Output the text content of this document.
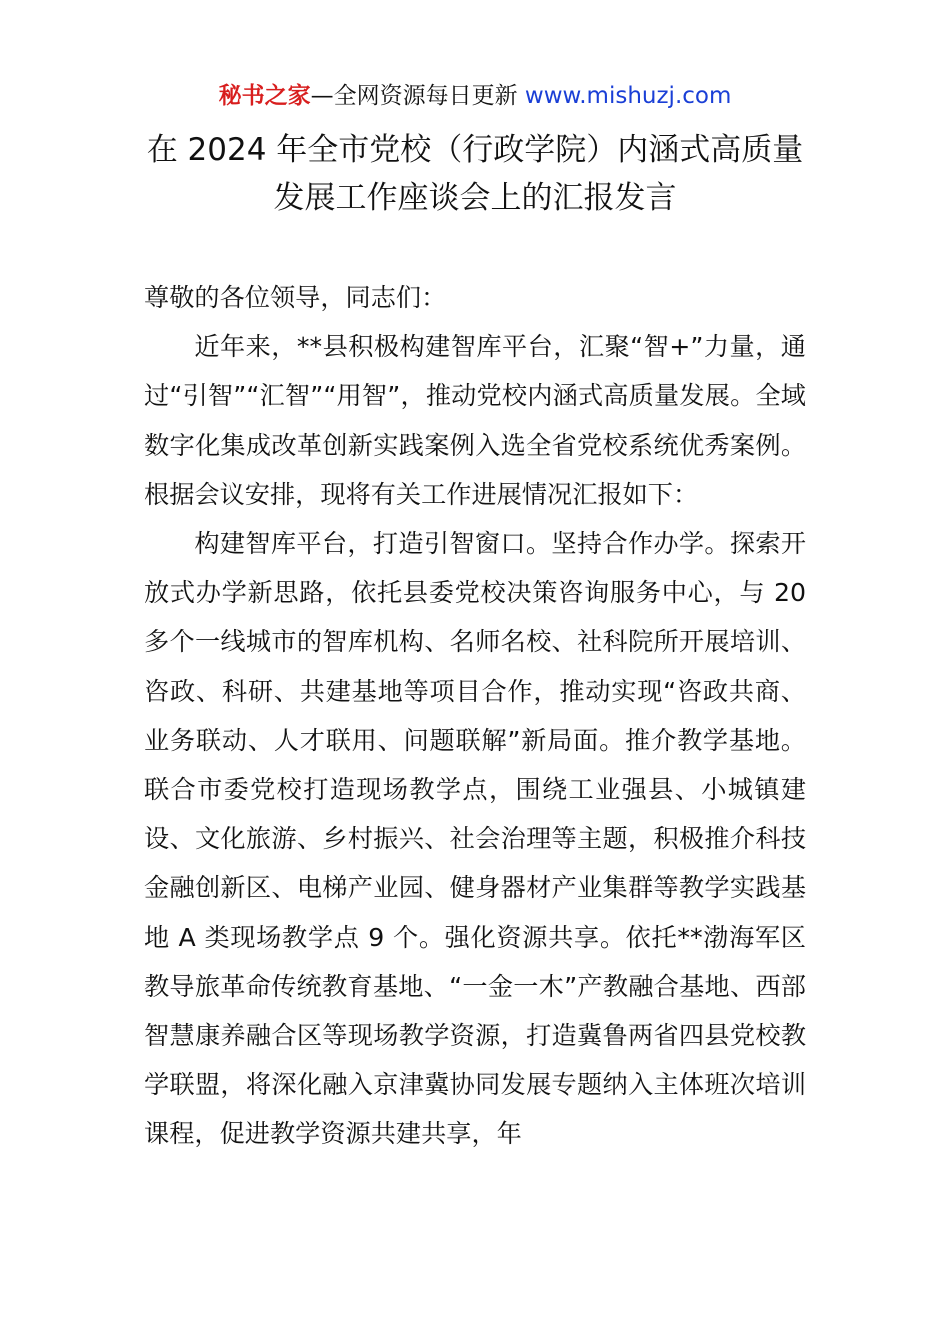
秘书之家—全网资源每日更新 www.mishuzj.com
在 2024 年全市党校（行政学院）内涵式高质量
发展工作座谈会上的汇报发言

尊敬的各位领导，同志们：

近年来，**县积极构建智库平台，汇聚“智+”力量，通过“引智”“汇智”“用智”，推动党校内涵式高质量发展。全域数字化集成改革创新实践案例入选全省党校系统优秀案例。根据会议安排，现将有关工作进展情况汇报如下：

构建智库平台，打造引智窗口。坚持合作办学。探索开放式办学新思路，依托县委党校决策咨询服务中心，与 20 多个一线城市的智库机构、名师名校、社科院所开展培训、咨政、科研、共建基地等项目合作，推动实现“咨政共商、业务联动、人才联用、问题联解”新局面。推介教学基地。联合市委党校打造现场教学点，围绕工业强县、小城镇建设、文化旅游、乡村振兴、社会治理等主题，积极推介科技金融创新区、电梯产业园、健身器材产业集群等教学实践基地 A 类现场教学点 9 个。强化资源共享。依托**渤海军区教导旅革命传统教育基地、“一金一木”产教融合基地、西部智慧康养融合区等现场教学资源，打造冀鲁两省四县党校教学联盟，将深化融入京津冀协同发展专题纳入主体班次培训课程，促进教学资源共建共享，年
